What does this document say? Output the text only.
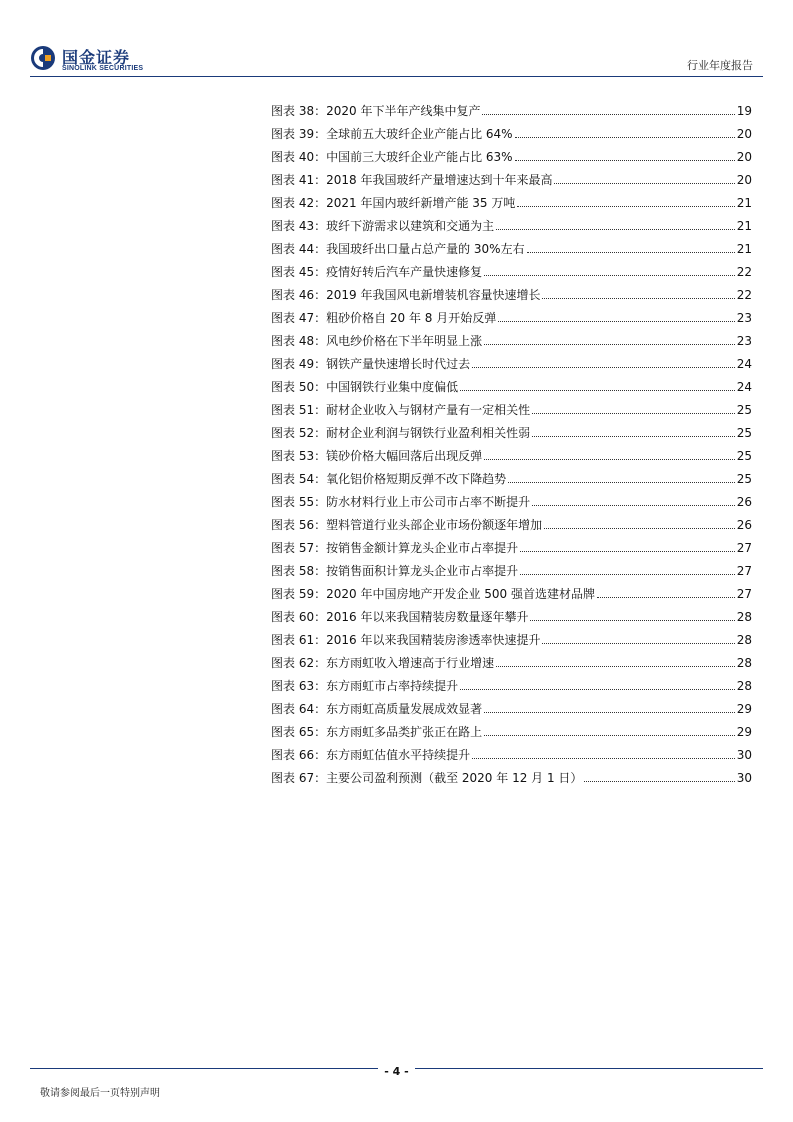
国金证券
SINOLINK SECURITIES	行业年度报告
图表 38：2020 年下半年产线集中复产	19
图表 39：全球前五大玻纤企业产能占比 64%	20
图表 40：中国前三大玻纤企业产能占比 63%	20
图表 41：2018 年我国玻纤产量增速达到十年来最高	20
图表 42：2021 年国内玻纤新增产能 35 万吨	21
图表 43：玻纤下游需求以建筑和交通为主	21
图表 44：我国玻纤出口量占总产量的 30%左右	21
图表 45：疫情好转后汽车产量快速修复	22
图表 46：2019 年我国风电新增装机容量快速增长	22
图表 47：粗砂价格自 20 年 8 月开始反弹	23
图表 48：风电纱价格在下半年明显上涨	23
图表 49：钢铁产量快速增长时代过去	24
图表 50：中国钢铁行业集中度偏低	24
图表 51：耐材企业收入与钢材产量有一定相关性	25
图表 52：耐材企业利润与钢铁行业盈利相关性弱	25
图表 53：镁砂价格大幅回落后出现反弹	25
图表 54：氧化铝价格短期反弹不改下降趋势	25
图表 55：防水材料行业上市公司市占率不断提升	26
图表 56：塑料管道行业头部企业市场份额逐年增加	26
图表 57：按销售金额计算龙头企业市占率提升	27
图表 58：按销售面积计算龙头企业市占率提升	27
图表 59：2020 年中国房地产开发企业 500 强首选建材品牌	27
图表 60：2016 年以来我国精装房数量逐年攀升	28
图表 61：2016 年以来我国精装房渗透率快速提升	28
图表 62：东方雨虹收入增速高于行业增速	28
图表 63：东方雨虹市占率持续提升	28
图表 64：东方雨虹高质量发展成效显著	29
图表 65：东方雨虹多品类扩张正在路上	29
图表 66：东方雨虹估值水平持续提升	30
图表 67：主要公司盈利预测（截至 2020 年 12 月 1 日）	30
- 4 -
敬请参阅最后一页特别声明
